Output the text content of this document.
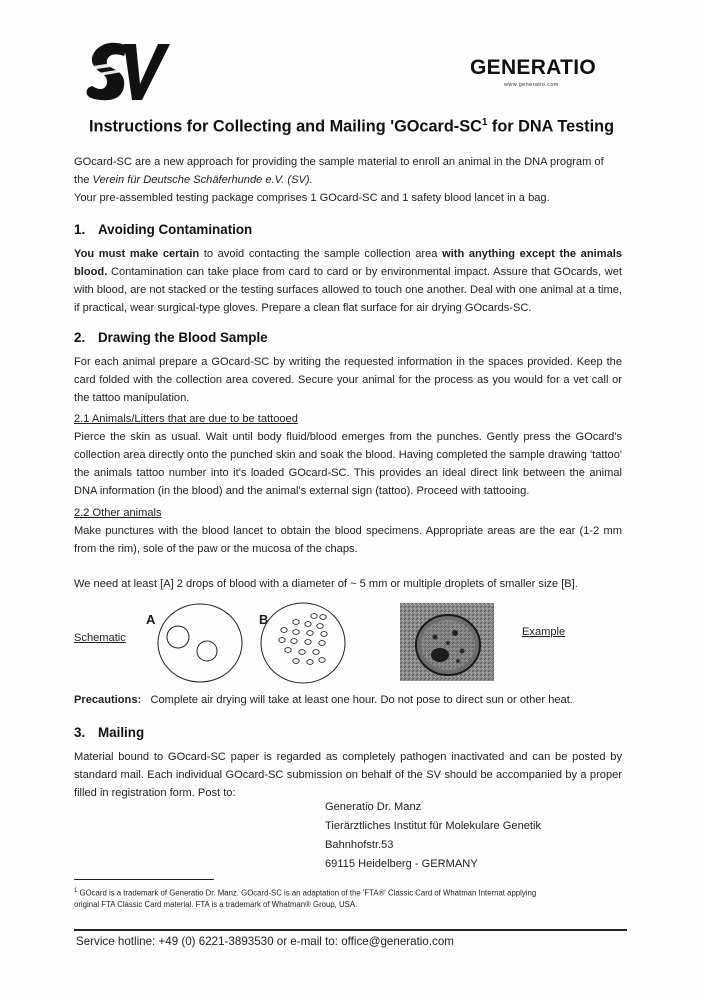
GENERATIO
www.generatio.com
Instructions for Collecting and Mailing '$GOcard-SC^1$ for DNA Testing
GOcard-SC are a new approach for providing the sample material to enroll an animal in the DNA program of
the Verein für Deutsche Schäferhunde e.V. (SV).
Your pre-assembled testing package comprises 1 GOcard-SC and 1 safety blood lancet in a bag.
1. Avoiding Contamination
You must make certain to avoid contacting the sample collection area with anything except the animals blood. Contamination can take place from card to card or by environmental impact. Assure that GOcards, wet with blood, are not stacked or the testing surfaces allowed to touch one another. Deal with one animal at a time, if practical, wear surgical-type gloves. Prepare a clean flat surface for air drying GOcards-SC.
2. Drawing the Blood Sample
For each animal prepare a GOcard-SC by writing the requested information in the spaces provided. Keep the card folded with the collection area covered. Secure your animal for the process as you would for a vet call or the tattoo manipulation.
2.1 Animals/Litters that are due to be tattooed
Pierce the skin as usual. Wait until body fluid/blood emerges from the punches. Gently press the GOcard's collection area directly onto the punched skin and soak the blood. Having completed the sample drawing 'tattoo' the animals tattoo number into it's loaded GOcard-SC. This provides an ideal direct link between the animal DNA information (in the blood) and the animal's external sign (tattoo). Proceed with tattooing.
2.2 Other animals
Make punctures with the blood lancet to obtain the blood specimens. Appropriate areas are the ear (1-2 mm from the rim), sole of the paw or the mucosa of the chaps.
We need at least [A] 2 drops of blood with a diameter of ~ 5 mm or multiple droplets of smaller size [B].
Schematic
A	B
Example
Precautions: Complete air drying will take at least one hour. Do not pose to direct sun or other heat.
3. Mailing
Material bound to GOcard-SC paper is regarded as completely pathogen inactivated and can be posted by standard mail. Each individual GOcard-SC submission on behalf of the SV should be accompanied by a proper filled in registration form. Post to:
Generatio Dr. Manz
Tierärztliches Institut für Molekulare Genetik
Bahnhofstr.53
69115 Heidelberg - GERMANY
$^1$ GOcard is a trademark of Generatio Dr. Manz. GOcard-SC is an adaptation of the 'FTA®' Classic Card of Whatman Internat applying
original FTA Classic Card material. FTA is a trademark of Whatman® Group, USA.
Service hotline: +49 (0) 6221-3893530 or e-mail to: office@generatio.com
